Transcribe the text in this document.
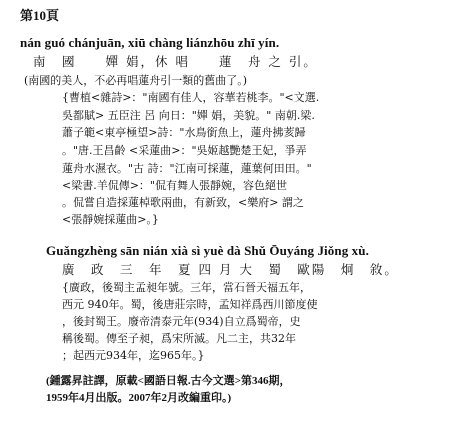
第10頁
nán guó chánjuān, xiū chàng liánzhōu zhī yín.
南　國　　嬋 娟，休 唱　　蓮　舟 之 引。
(南國的美人，不必再唱蓮舟引一類的舊曲了。)
{曹植<雜詩>："南國有佳人，容華若桃李。"<文選.
吳都賦> 五臣注 呂 向日："嬋 娟，美貌。" 南朝.梁.
蕭子範<東亭極望>詩："水鳥銜魚上，蓮舟拂荄歸
。"唐.王昌齡 <采蓮曲>："吳姬越艷楚王妃，爭弄
蓮舟水濕衣。"古 詩："江南可採蓮，蓮葉何田田。"
<梁書.羊侃傳>："侃有舞人張靜婉，容色絕世
。侃嘗自造採蓮棹歌兩曲，有新致，<樂府> 謂之
<張靜婉採蓮曲>。}
Guǎngzhèng sān nián xià sì yuè dà Shǔ Ōuyáng Jiǒng xù.
廣　政　三　年　夏 四 月 大　蜀　歐陽　炯　敘。
{廣政，後蜀主孟昶年號。三年，當石晉天福五年，
西元 940年。蜀，後唐莊宗時，孟知祥爲西川節度使
，後封蜀王。廢帝清泰元年(934)自立爲蜀帝，史
稱後蜀。傳至子昶，爲宋所滅。凡二主，共32年
；起西元934年，迄965年。}
(鍾露昇註譯，原載<國語日報.古今文選>第346期，
1959年4月出版。2007年2月改編重印。)
